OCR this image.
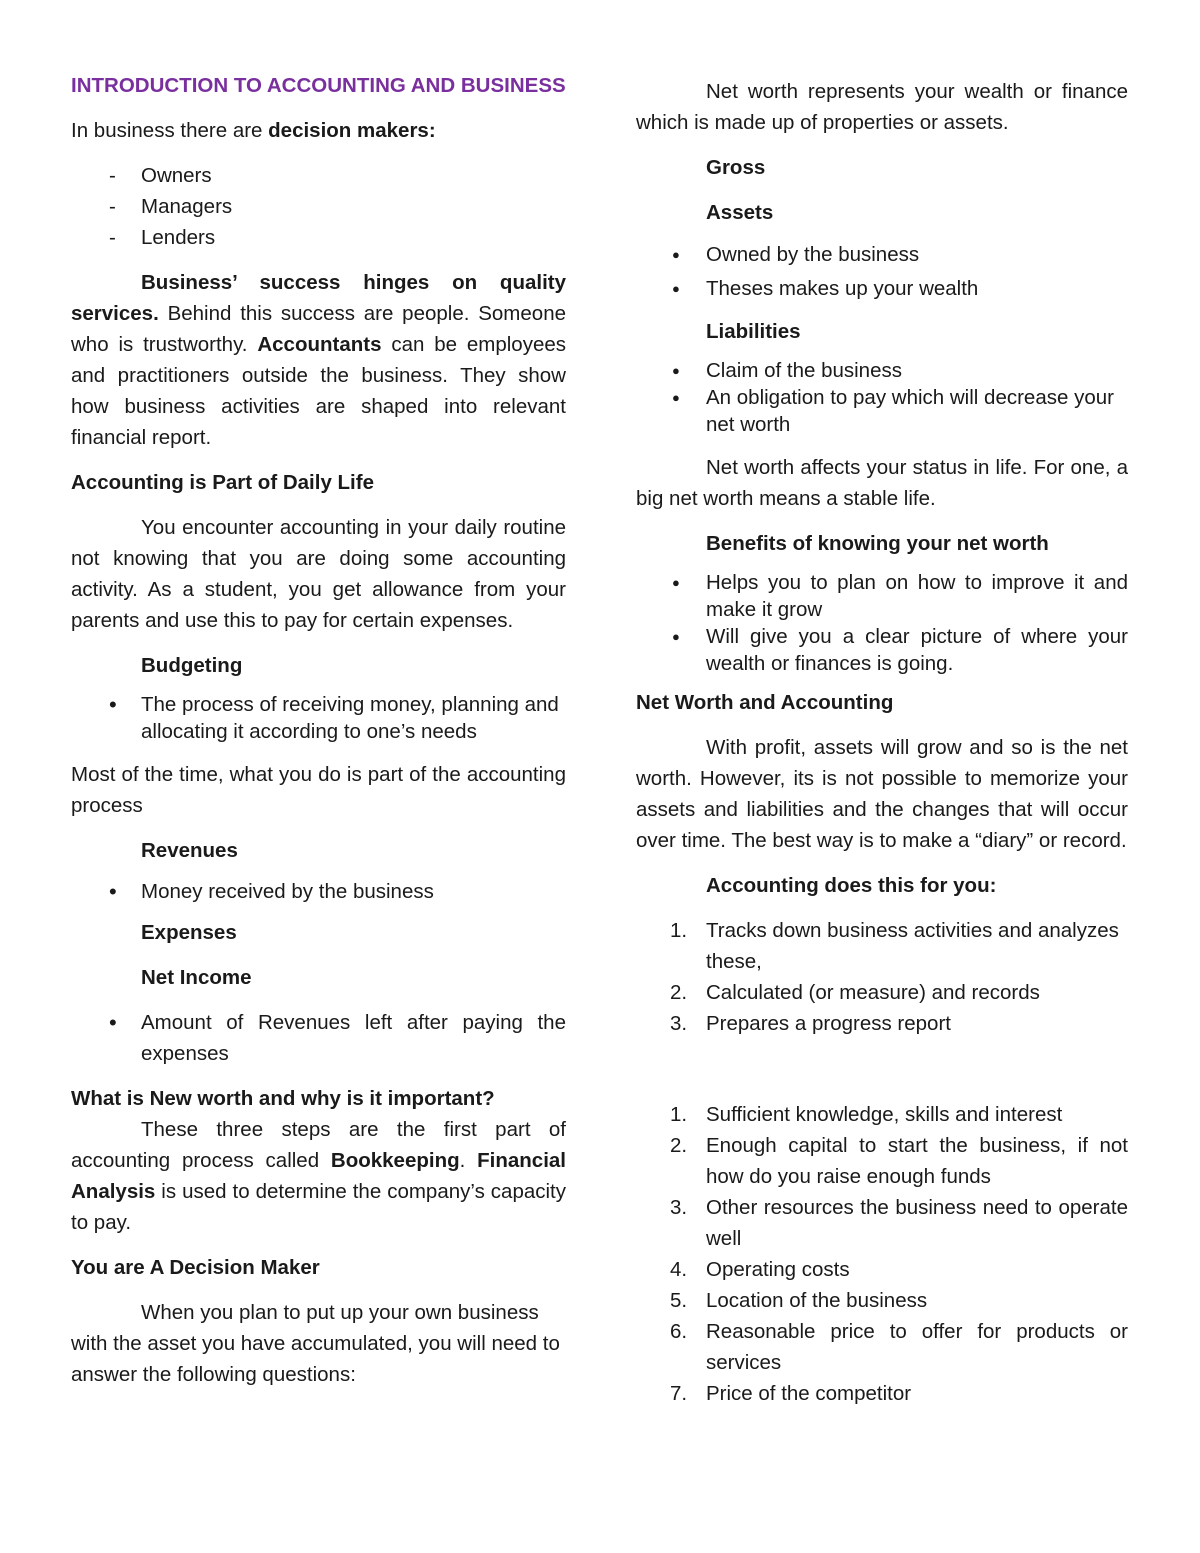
INTRODUCTION TO ACCOUNTING AND BUSINESS

In business there are decision makers:

- Owners
- Managers
- Lenders

Business’ success hinges on quality services. Behind this success are people. Someone who is trustworthy. Accountants can be employees and practitioners outside the business. They show how business activities are shaped into relevant financial report.

Accounting is Part of Daily Life

You encounter accounting in your daily routine not knowing that you are doing some accounting activity. As a student, you get allowance from your parents and use this to pay for certain expenses.

Budgeting

• The process of receiving money, planning and allocating it according to one’s needs

Most of the time, what you do is part of the accounting process

Revenues

• Money received by the business

Expenses

Net Income

• Amount of Revenues left after paying the expenses

What is New worth and why is it important?

These three steps are the first part of accounting process called Bookkeeping. Financial Analysis is used to determine the company’s capacity to pay.

You are A Decision Maker

When you plan to put up your own business with the asset you have accumulated, you will need to answer the following questions:

Net worth represents your wealth or finance which is made up of properties or assets.

Gross

Assets

● Owned by the business
● Theses makes up your wealth

Liabilities

● Claim of the business
● An obligation to pay which will decrease your net worth

Net worth affects your status in life. For one, a big net worth means a stable life.

Benefits of knowing your net worth

● Helps you to plan on how to improve it and make it grow
● Will give you a clear picture of where your wealth or finances is going.

Net Worth and Accounting

With profit, assets will grow and so is the net worth. However, its is not possible to memorize your assets and liabilities and the changes that will occur over time. The best way is to make a “diary” or record.

Accounting does this for you:

1. Tracks down business activities and analyzes these,
2. Calculated (or measure) and records
3. Prepares a progress report
1. Sufficient knowledge, skills and interest
2. Enough capital to start the business, if not how do you raise enough funds
3. Other resources the business need to operate well
4. Operating costs
5. Location of the business
6. Reasonable price to offer for products or services
7. Price of the competitor
